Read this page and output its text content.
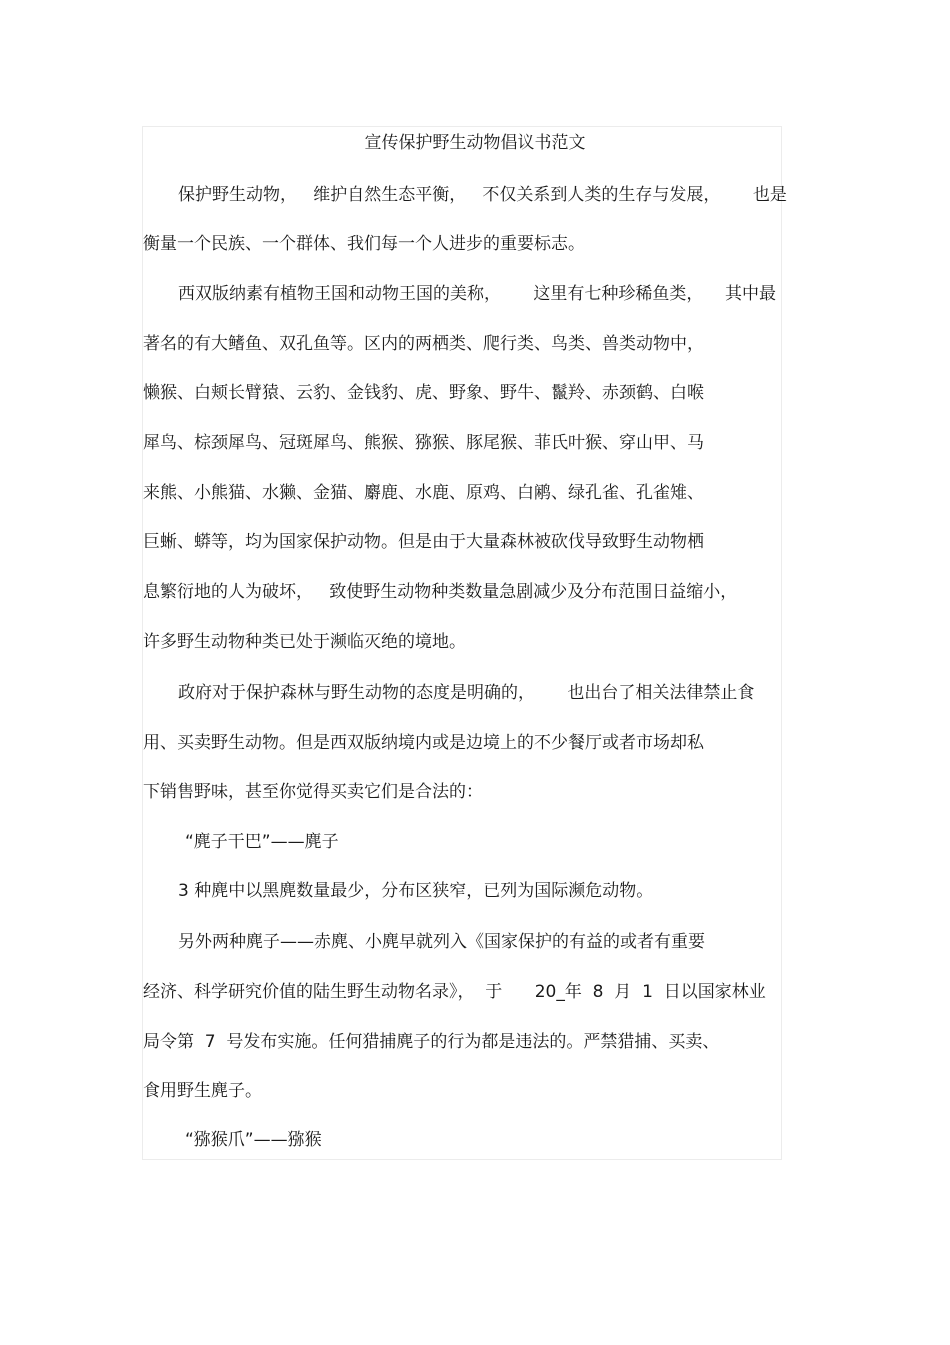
宣传保护野生动物倡议书范文
保护野生动物，   维护自然生态平衡，   不仅关系到人类的生存与发展，      也是
衡量一个民族、一个群体、我们每一个人进步的重要标志。
西双版纳素有植物王国和动物王国的美称，      这里有七种珍稀鱼类，    其中最
著名的有大鳍鱼、双孔鱼等。区内的两栖类、爬行类、鸟类、兽类动物中，
懒猴、白颊长臂猿、云豹、金钱豹、虎、野象、野牛、鬣羚、赤颈鹤、白喉
犀鸟、棕颈犀鸟、冠斑犀鸟、熊猴、猕猴、豚尾猴、菲氏叶猴、穿山甲、马
来熊、小熊猫、水獭、金猫、麝鹿、水鹿、原鸡、白鹇、绿孔雀、孔雀雉、
巨蜥、蟒等，均为国家保护动物。但是由于大量森林被砍伐导致野生动物栖
息繁衍地的人为破坏，   致使野生动物种类数量急剧减少及分布范围日益缩小，
许多野生动物种类已处于濒临灭绝的境地。
政府对于保护森林与野生动物的态度是明确的，      也出台了相关法律禁止食
用、买卖野生动物。但是西双版纳境内或是边境上的不少餐厅或者市场却私
下销售野味，甚至你觉得买卖它们是合法的：
“麂子干巴”——麂子
3 种麂中以黑麂数量最少，分布区狭窄，已列为国际濒危动物。
另外两种麂子——赤麂、小麂早就列入《国家保护的有益的或者有重要
经济、科学研究价值的陆生野生动物名录》，  于      20_年  8  月  1  日以国家林业
局令第  7  号发布实施。任何猎捕麂子的行为都是违法的。严禁猎捕、买卖、
食用野生麂子。
“猕猴爪”——猕猴
